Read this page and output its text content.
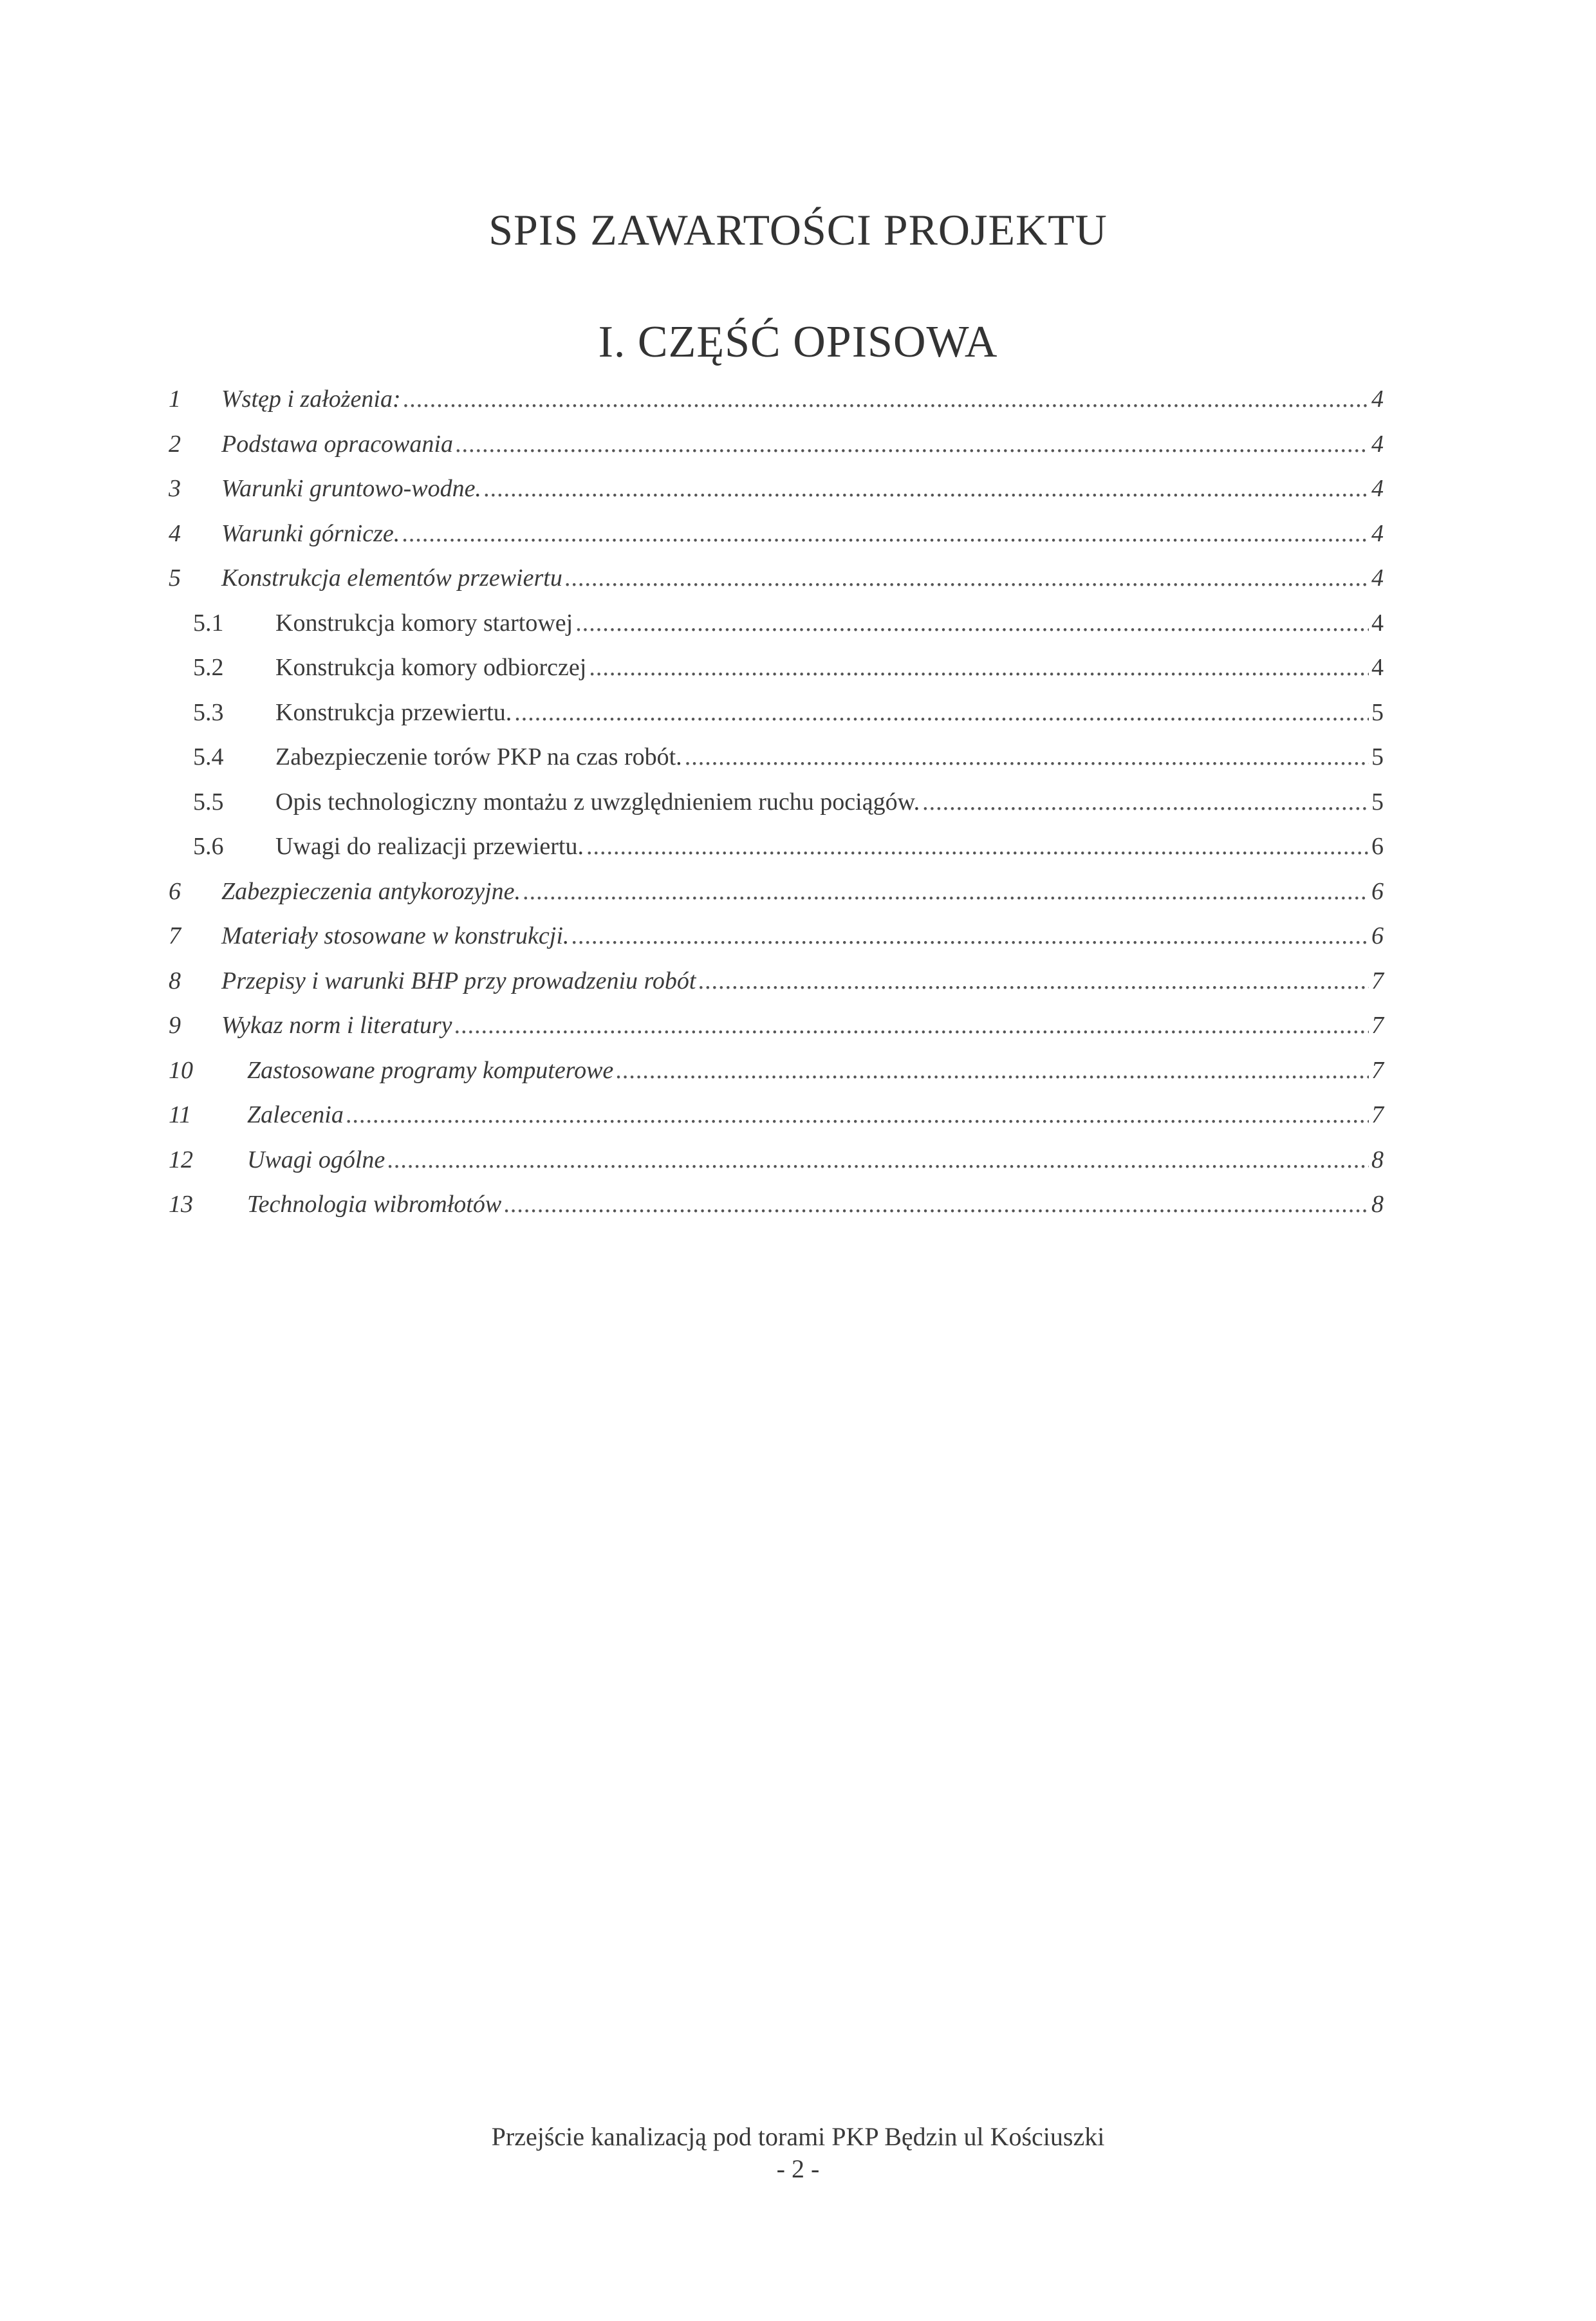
SPIS ZAWARTOŚCI PROJEKTU
I. CZĘŚĆ OPISOWA
1 Wstęp i założenia: .....	4
2 Podstawa opracowania .....	4
3 Warunki gruntowo-wodne. .....	4
4 Warunki górnicze. .....	4
5 Konstrukcja elementów przewiertu .....	4
5.1 Konstrukcja komory startowej .....	4
5.2 Konstrukcja komory odbiorczej .....	4
5.3 Konstrukcja przewiertu. .....	5
5.4 Zabezpieczenie torów PKP na czas robót. .....	5
5.5 Opis technologiczny montażu z uwzględnieniem ruchu pociągów. .....	5
5.6 Uwagi do realizacji przewiertu. .....	6
6 Zabezpieczenia antykorozyjne. .....	6
7 Materiały stosowane w konstrukcji. .....	6
8 Przepisy i warunki BHP przy prowadzeniu robót .....	7
9 Wykaz norm i literatury .....	7
10 Zastosowane programy komputerowe .....	7
11 Zalecenia .....	7
12 Uwagi ogólne .....	8
13 Technologia wibromłotów .....	8

Przejście kanalizacją pod torami PKP Będzin ul Kościuszki

- 2 -
